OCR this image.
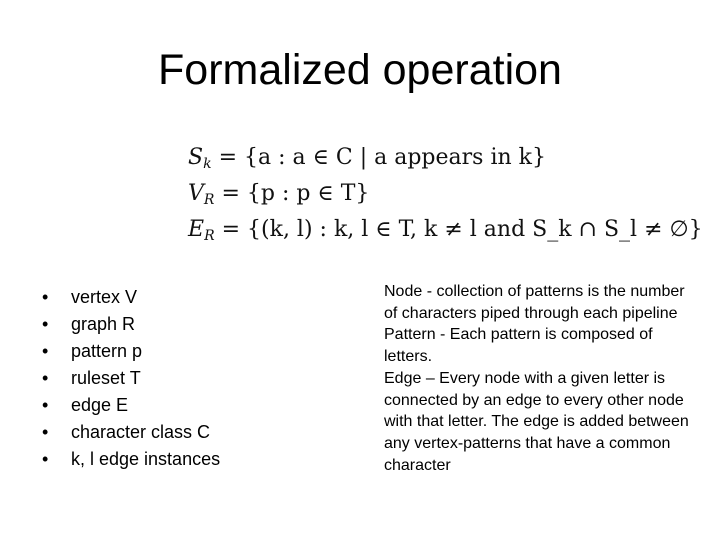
Formalized operation
$S_k = \{a$ : a ∈ C | a appears in k}
$V_R = \{p$ : p ∈ T}
$E_R = \{(k$, l) : k, l ∈ T, k ≠ l and S_k ∩ S_l ≠ ∅}
•	vertex V
•	graph R
•	pattern p
•	ruleset T
•	edge E
•	character class C
•	k, l edge instances

Node - collection of patterns is the number of characters piped through each pipeline

Pattern - Each pattern is composed of letters.

Edge – Every node with a given letter is connected by an edge to every other node with that letter. The edge is added between any vertex-patterns that have a common character
